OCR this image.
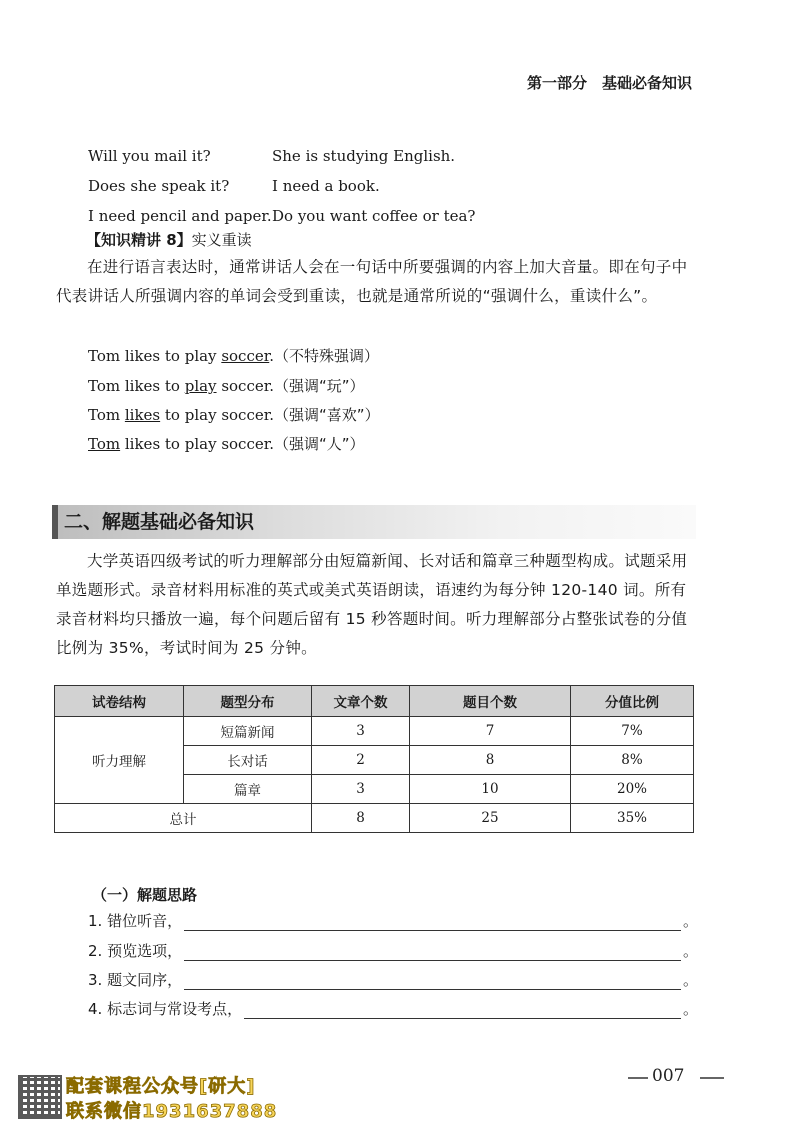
第一部分　基础必备知识
Will you mail it?	She is studying English.
Does she speak it?	I need a book.
I need pencil and paper. Do you want coffee or tea?
【知识精讲 8】实义重读
在进行语言表达时，通常讲话人会在一句话中所要强调的内容上加大音量。即在句子中代表讲话人所强调内容的单词会受到重读，也就是通常所说的“强调什么，重读什么”。
Tom likes to play soccer.（不特殊强调）
Tom likes to play soccer.（强调“玩”）
Tom likes to play soccer.（强调“喜欢”）
Tom likes to play soccer.（强调“人”）
二、解题基础必备知识
大学英语四级考试的听力理解部分由短篇新闻、长对话和篇章三种题型构成。试题采用单选题形式。录音材料用标准的英式或美式英语朗读，语速约为每分钟 120-140 词。所有录音材料均只播放一遍，每个问题后留有 15 秒答题时间。听力理解部分占整张试卷的分值比例为 35%，考试时间为 25 分钟。
试卷结构	题型分布	文章个数	题目个数	分值比例
听力理解	短篇新闻	3	7	7%
	长对话	2	8	8%
	篇章	3	10	20%
总计		8	25	35%
（一）解题思路
1. 错位听音，	。
2. 预览选项，	。
3. 题文同序，	。
4. 标志词与常设考点，	。
007
配套课程公众号[研大]
联系微信1931637888
